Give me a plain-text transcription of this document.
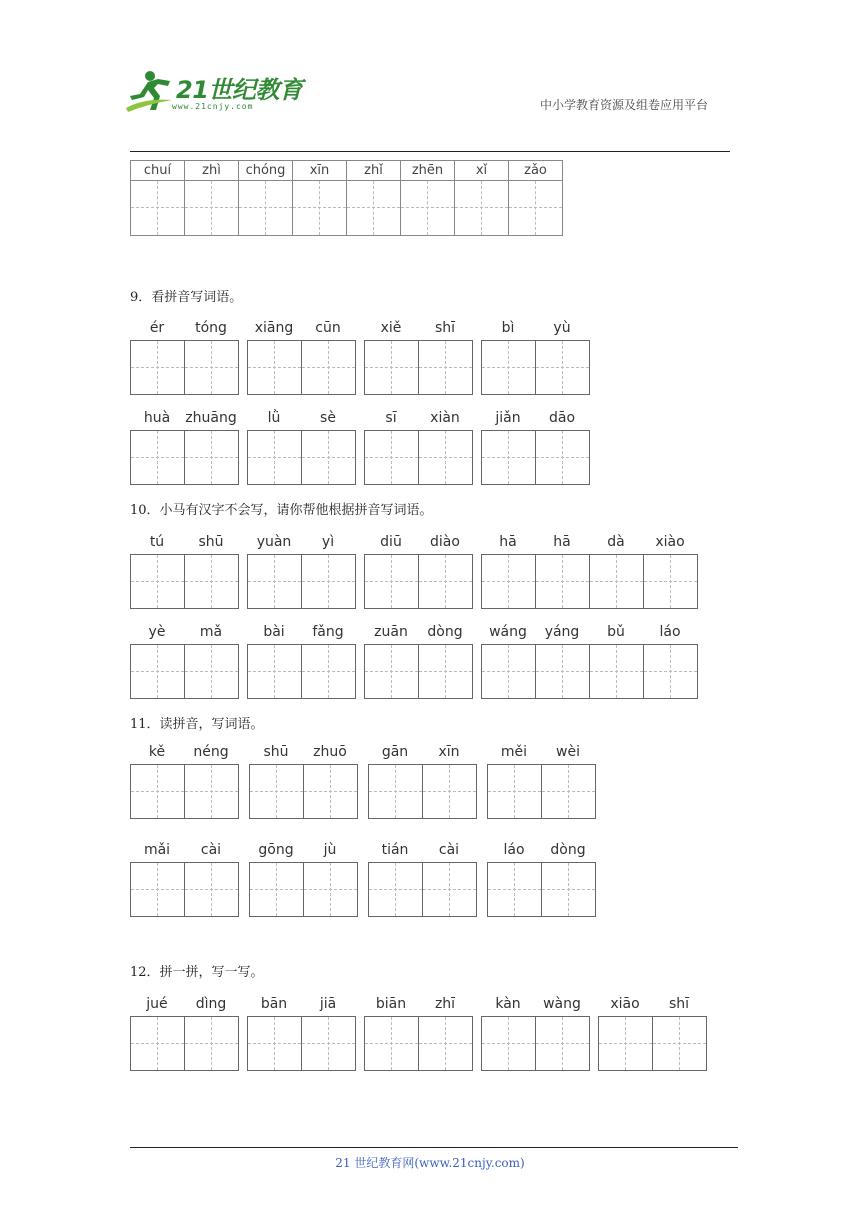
21世纪教育
www.21cnjy.com	中小学教育资源及组卷应用平台
chuí	zhì	chóng	xīn	zhǐ	zhēn	xǐ	zǎo
9．看拼音写词语。
ér	tóng	xiāng	cūn	xiě	shī	bì	yù
huà	zhuāng	lǜ	sè	sī	xiàn	jiǎn	dāo
10．小马有汉字不会写，请你帮他根据拼音写词语。
tú	shū	yuàn	yì	diū	diào	hā	hā	dà	xiào
yè	mǎ	bài	fǎng	zuān	dòng	wáng	yáng	bǔ	láo
11．读拼音，写词语。
kě	néng	shū	zhuō	gān	xīn	měi	wèi
mǎi	cài	gōng	jù	tián	cài	láo	dòng
12．拼一拼，写一写。
jué	dìng	bān	jiā	biān	zhī	kàn	wàng	xiāo	shī
21 世纪教育网(www.21cnjy.com)
